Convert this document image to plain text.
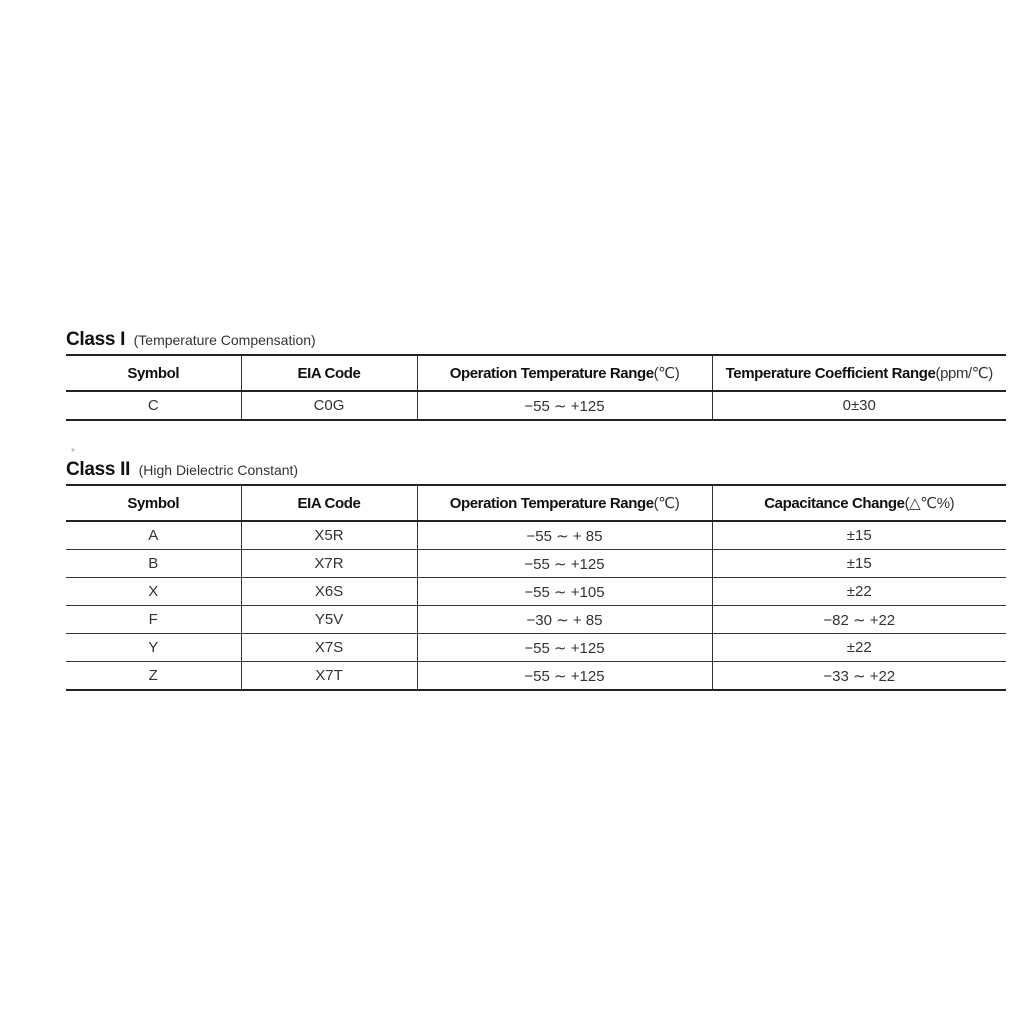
Class I (Temperature Compensation)
Symbol	EIA Code	Operation Temperature Range(℃)	Temperature Coefficient Range(ppm/℃)
C	C0G	−55 ∼ +125	0±30
*
Class II (High Dielectric Constant)
Symbol	EIA Code	Operation Temperature Range(℃)	Capacitance Change(△℃%)
A	X5R	−55 ∼ + 85	±15
B	X7R	−55 ∼ +125	±15
X	X6S	−55 ∼ +105	±22
F	Y5V	−30 ∼ + 85	−82 ∼ +22
Y	X7S	−55 ∼ +125	±22
Z	X7T	−55 ∼ +125	−33 ∼ +22
